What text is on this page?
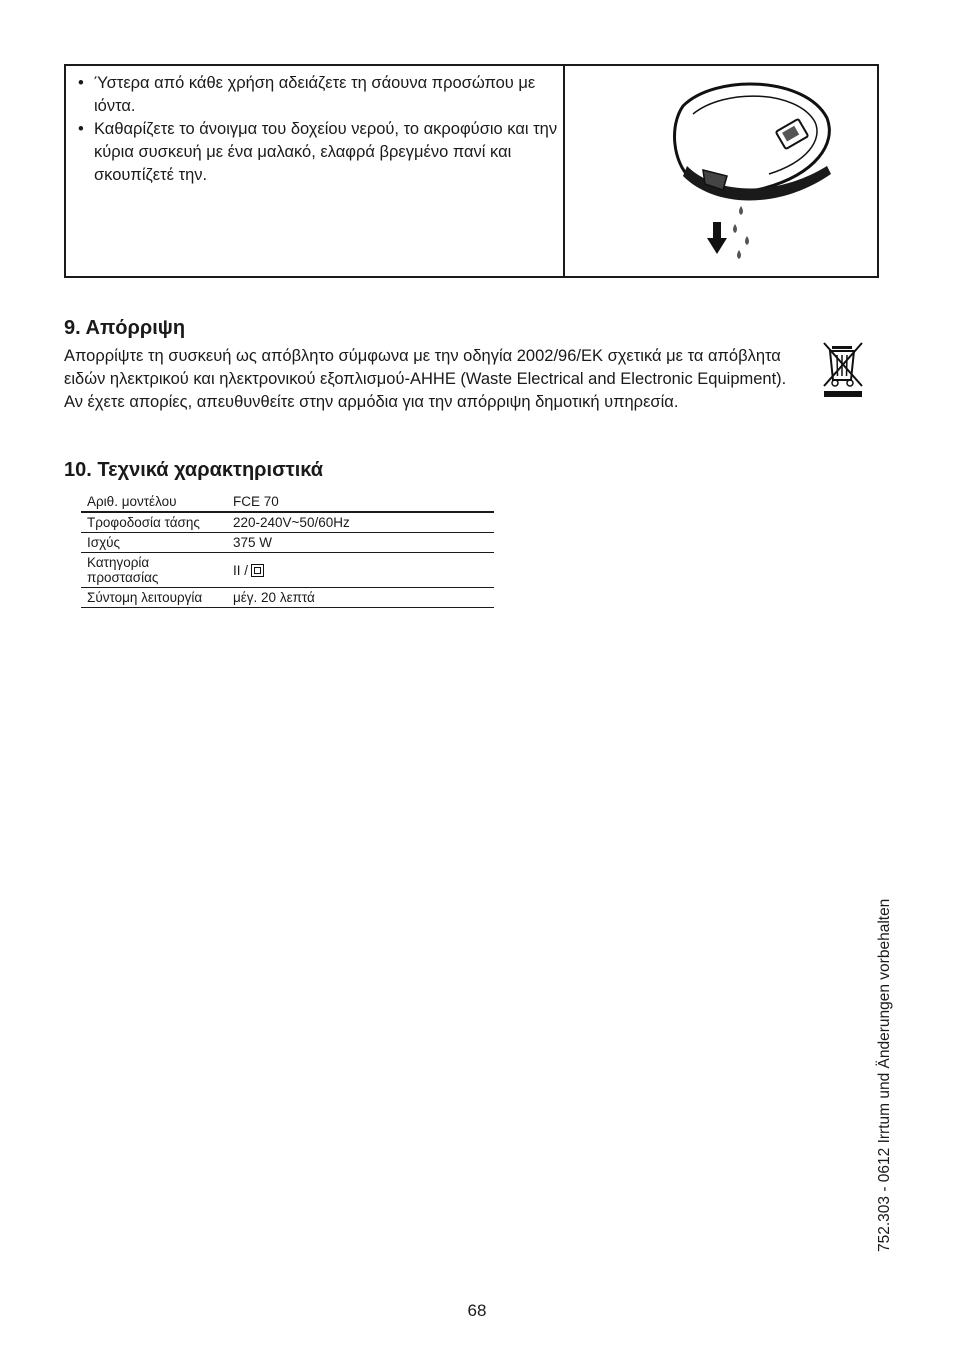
• Ύστερα από κάθε χρήση αδειάζετε τη σάουνα προσώπου με ιόντα.
• Καθαρίζετε το άνοιγμα του δοχείου νερού, το ακροφύσιο και την κύρια συσκευή με ένα μαλακό, ελαφρά βρεγμένο πανί και σκουπίζετέ την.
9. Απόρριψη

Απορρίψτε τη συσκευή ως απόβλητο σύμφωνα με την οδηγία 2002/96/ΕΚ σχετικά με τα απόβλητα ειδών ηλεκτρικού και ηλεκτρονικού εξοπλισμού-AHHE (Waste Electrical and Electronic Equipment). Αν έχετε απορίες, απευθυνθείτε στην αρμόδια για την απόρριψη δημοτική υπηρεσία.

10. Τεχνικά χαρακτηριστικά
Αριθ. μοντέλου	FCE 70
Τροφοδοσία τάσης	220-240V~50/60Hz
Ισχύς	375 W
Κατηγορία προστασίας	II /
Σύντομη λειτουργία	μέγ. 20 λεπτά
752.303 - 0612 Irrtum und Änderungen vorbehalten
68
